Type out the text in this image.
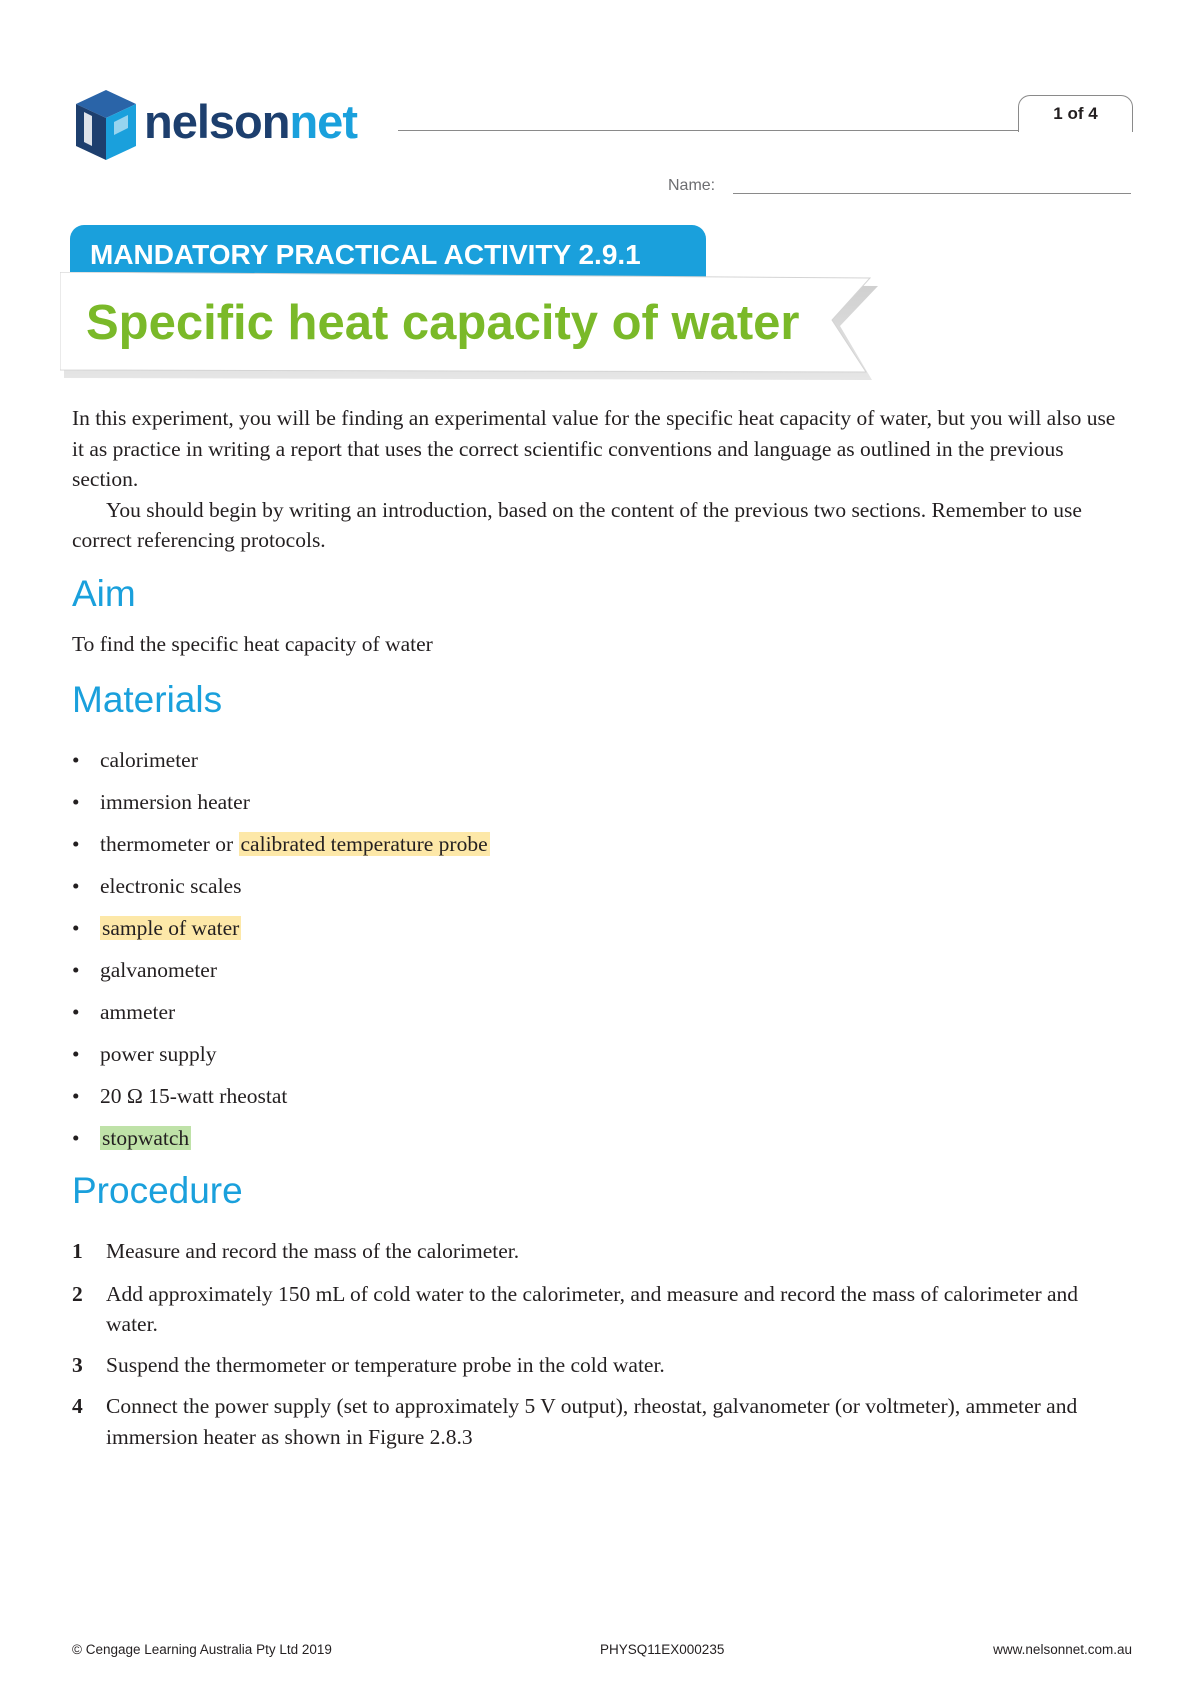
nelsonnet	1 of 4
Name:
MANDATORY PRACTICAL ACTIVITY 2.9.1
Specific heat capacity of water

In this experiment, you will be finding an experimental value for the specific heat capacity of water, but you will also use it as practice in writing a report that uses the correct scientific conventions and language as outlined in the previous section.
You should begin by writing an introduction, based on the content of the previous two sections. Remember to use correct referencing protocols.

Aim

To find the specific heat capacity of water

Materials
• calorimeter
• immersion heater
• thermometer or calibrated temperature probe
• electronic scales
•	sample of water
• galvanometer
• ammeter
• power supply
• 20 Ω 15-watt rheostat
•	stopwatch
Procedure
1 Measure and record the mass of the calorimeter.
2 Add approximately 150 mL of cold water to the calorimeter, and measure and record the mass of calorimeter and water.
3 Suspend the thermometer or temperature probe in the cold water.
4 Connect the power supply (set to approximately 5 V output), rheostat, galvanometer (or voltmeter), ammeter and immersion heater as shown in Figure 2.8.3
© Cengage Learning Australia Pty Ltd 2019	PHYSQ11EX000235	www.nelsonnet.com.au
